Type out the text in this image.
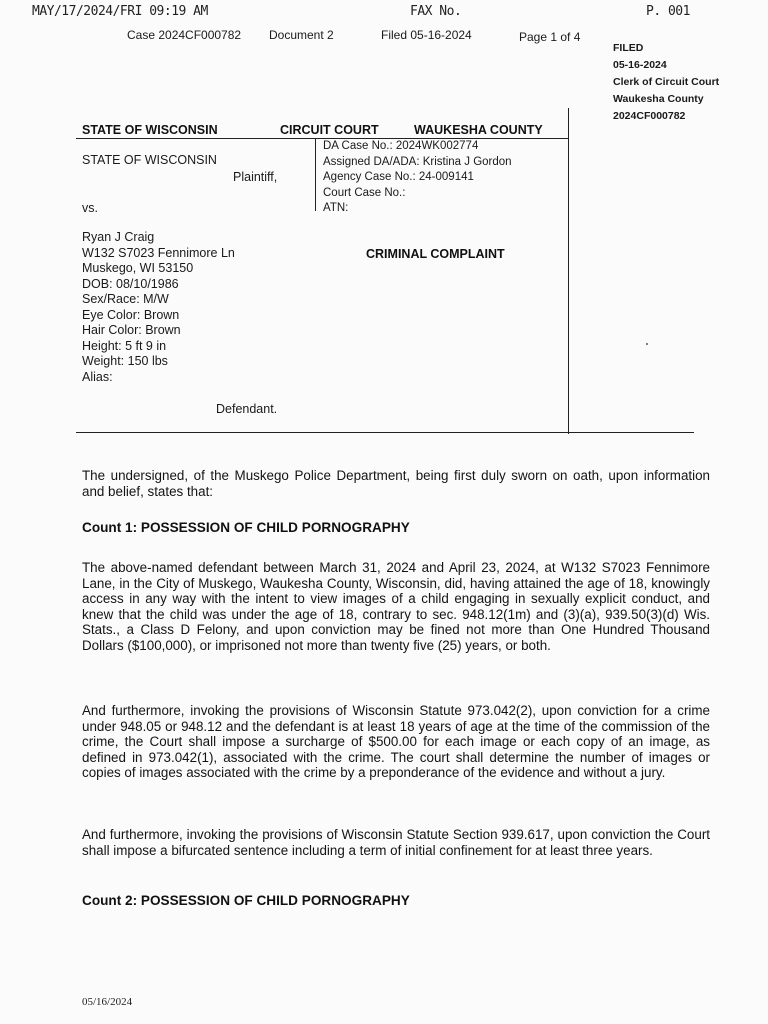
MAY/17/2024/FRI 09:19 AM	FAX No.	P. 001
Case 2024CF000782 Document 2	Filed 05-16-2024	Page 1 of 4
FILED
05-16-2024
Clerk of Circuit Court
Waukesha County
2024CF000782
STATE OF WISCONSIN	CIRCUIT COURT	WAUKESHA COUNTY
STATE OF WISCONSIN
Plaintiff,
vs.
DA Case No.: 2024WK002774
Assigned DA/ADA: Kristina J Gordon
Agency Case No.: 24-009141
Court Case No.:
ATN:
Ryan J Craig
W132 S7023 Fennimore Ln
Muskego, WI 53150
DOB: 08/10/1986
Sex/Race: M/W
Eye Color: Brown
Hair Color: Brown
Height: 5 ft 9 in
Weight: 150 lbs
Alias:
CRIMINAL COMPLAINT
Defendant.
The undersigned, of the Muskego Police Department, being first duly sworn on oath, upon information and belief, states that:
Count 1: POSSESSION OF CHILD PORNOGRAPHY
The above-named defendant between March 31, 2024 and April 23, 2024, at W132 S7023 Fennimore Lane, in the City of Muskego, Waukesha County, Wisconsin, did, having attained the age of 18, knowingly access in any way with the intent to view images of a child engaging in sexually explicit conduct, and knew that the child was under the age of 18, contrary to sec. 948.12(1m) and (3)(a), 939.50(3)(d) Wis. Stats., a Class D Felony, and upon conviction may be fined not more than One Hundred Thousand Dollars ($100,000), or imprisoned not more than twenty five (25) years, or both.
And furthermore, invoking the provisions of Wisconsin Statute 973.042(2), upon conviction for a crime under 948.05 or 948.12 and the defendant is at least 18 years of age at the time of the commission of the crime, the Court shall impose a surcharge of $500.00 for each image or each copy of an image, as defined in 973.042(1), associated with the crime. The court shall determine the number of images or copies of images associated with the crime by a preponderance of the evidence and without a jury.
And furthermore, invoking the provisions of Wisconsin Statute Section 939.617, upon conviction the Court shall impose a bifurcated sentence including a term of initial confinement for at least three years.
Count 2: POSSESSION OF CHILD PORNOGRAPHY
05/16/2024
